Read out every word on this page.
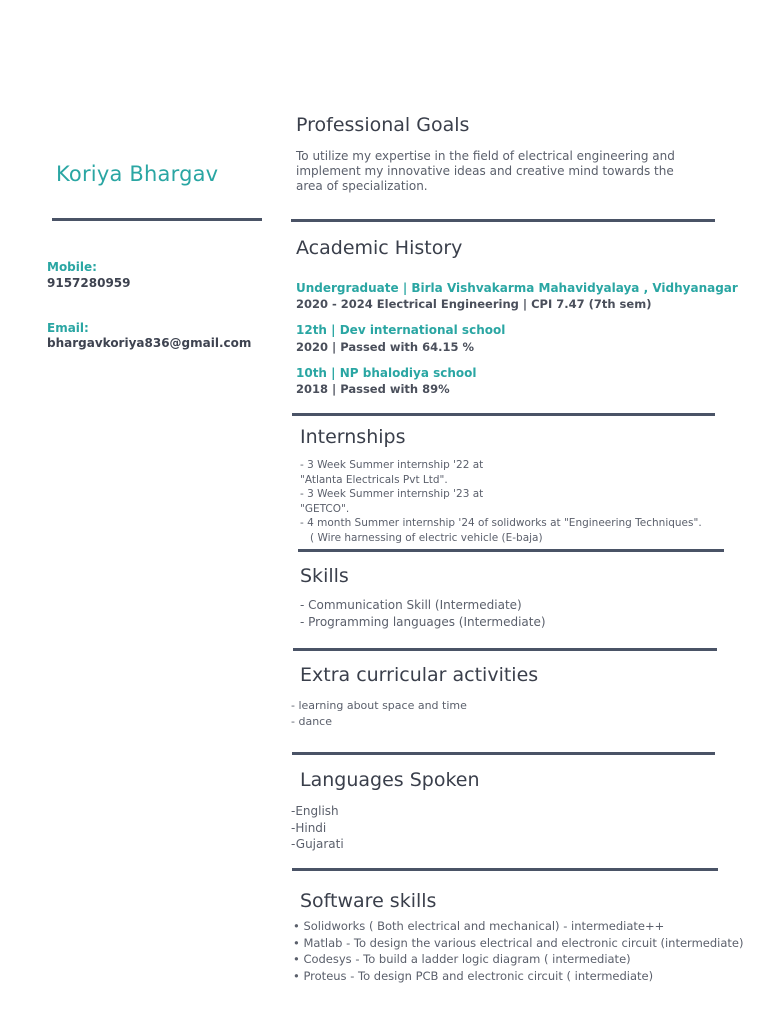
Koriya Bhargav
Mobile:
9157280959
Email:
bhargavkoriya836@gmail.com
Professional Goals
To utilize my expertise in the field of electrical engineering and
implement my innovative ideas and creative mind towards the
area of specialization.
Academic History
Undergraduate | Birla Vishvakarma Mahavidyalaya , Vidhyanagar
2020 - 2024 Electrical Engineering | CPI 7.47 (7th sem)
12th | Dev international school
2020 | Passed with 64.15 %
10th | NP bhalodiya school
2018 | Passed with 89%
Internships
- 3 Week Summer internship '22 at
"Atlanta Electricals Pvt Ltd".
- 3 Week Summer internship '23 at
"GETCO".
- 4 month Summer internship '24 of solidworks at "Engineering Techniques".
( Wire harnessing of electric vehicle (E-baja)
Skills
- Communication Skill (Intermediate)
- Programming languages (Intermediate)
Extra curricular activities
- learning about space and time
- dance
Languages Spoken
-English
-Hindi
-Gujarati
Software skills
• Solidworks ( Both electrical and mechanical) - intermediate++
• Matlab - To design the various electrical and electronic circuit (intermediate)
• Codesys - To build a ladder logic diagram ( intermediate)
• Proteus - To design PCB and electronic circuit ( intermediate)
